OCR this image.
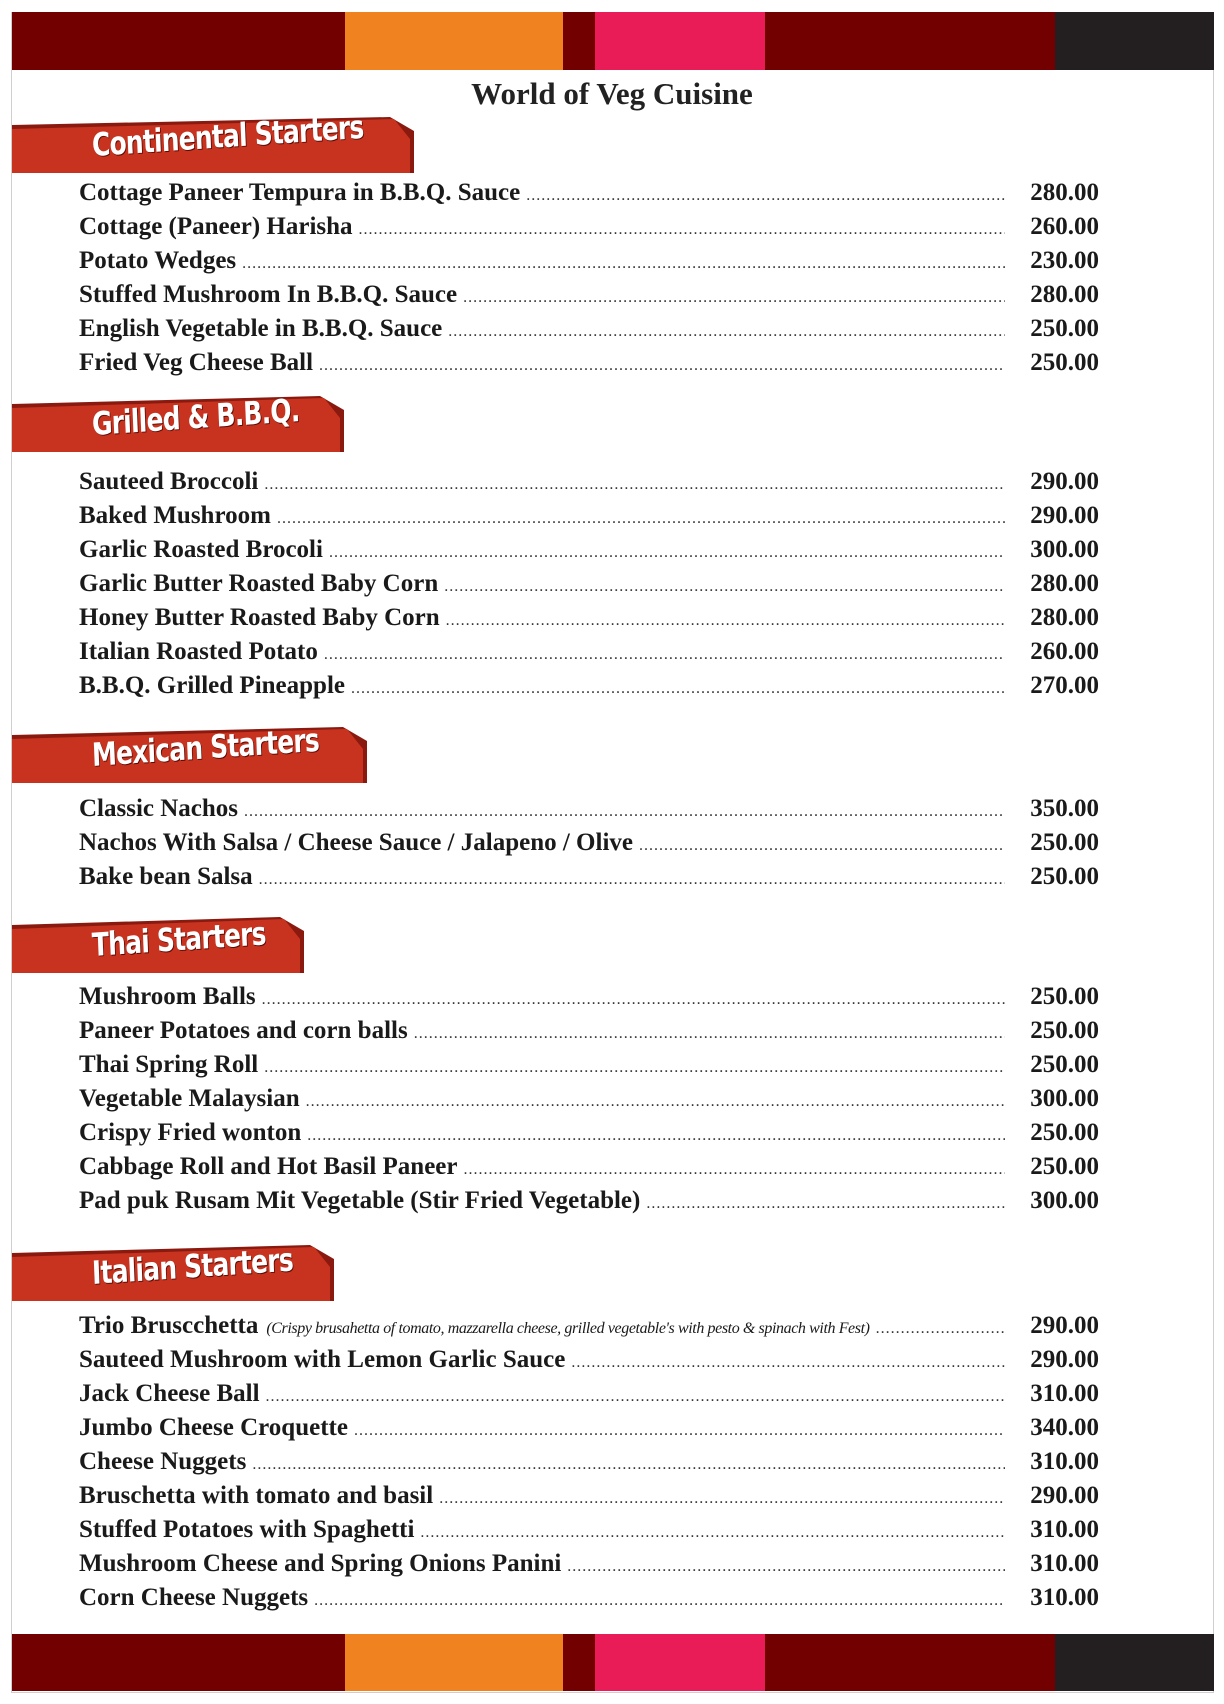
World of Veg Cuisine
Continental Starters
Cottage Paneer Tempura in B.B.Q. Sauce .....	280.00
Cottage (Paneer) Harisha .....	260.00
Potato Wedges .....	230.00
Stuffed Mushroom In B.B.Q. Sauce .....	280.00
English Vegetable in B.B.Q. Sauce .....	250.00
Fried Veg Cheese Ball .....	250.00
Grilled & B.B.Q.
Sauteed Broccoli .....	290.00
Baked Mushroom .....	290.00
Garlic Roasted Brocoli .....	300.00
Garlic Butter Roasted Baby Corn .....	280.00
Honey Butter Roasted Baby Corn .....	280.00
Italian Roasted Potato .....	260.00
B.B.Q. Grilled Pineapple .....	270.00
Mexican Starters
Classic Nachos .....	350.00
Nachos With Salsa / Cheese Sauce / Jalapeno / Olive .....	250.00
Bake bean Salsa .....	250.00
Thai Starters
Mushroom Balls .....	250.00
Paneer Potatoes and corn balls .....	250.00
Thai Spring Roll .....	250.00
Vegetable Malaysian .....	300.00
Crispy Fried wonton .....	250.00
Cabbage Roll and Hot Basil Paneer .....	250.00
Pad puk Rusam Mit Vegetable (Stir Fried Vegetable) .....	300.00
Italian Starters
Trio Bruscchetta (Crispy brusahetta of tomato, mazzarella cheese, grilled vegetable's with pesto & spinach with Fest) .....	290.00
Sauteed Mushroom with Lemon Garlic Sauce .....	290.00
Jack Cheese Ball .....	310.00
Jumbo Cheese Croquette .....	340.00
Cheese Nuggets .....	310.00
Bruschetta with tomato and basil .....	290.00
Stuffed Potatoes with Spaghetti .....	310.00
Mushroom Cheese and Spring Onions Panini .....	310.00
Corn Cheese Nuggets .....	310.00
